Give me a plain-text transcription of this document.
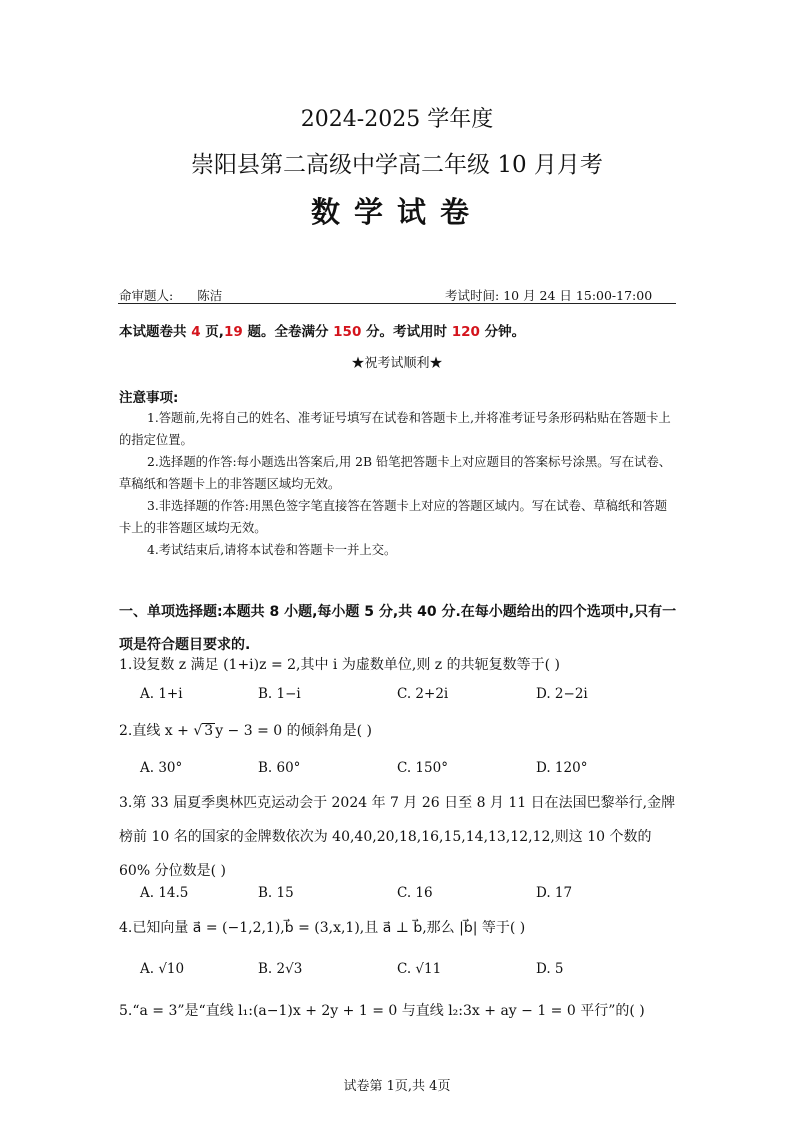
2024-2025 学年度
崇阳县第二高级中学高二年级 10 月月考
数学试卷
命审题人: 陈洁	考试时间: 10 月 24 日 15:00-17:00
本试题卷共 4 页,19 题。全卷满分 150 分。考试用时 120 分钟。
★祝考试顺利★
注意事项:
1.答题前,先将自己的姓名、准考证号填写在试卷和答题卡上,并将准考证号条形码粘贴在答题卡上的指定位置。
2.选择题的作答:每小题选出答案后,用 2B 铅笔把答题卡上对应题目的答案标号涂黑。写在试卷、草稿纸和答题卡上的非答题区域均无效。
3.非选择题的作答:用黑色签字笔直接答在答题卡上对应的答题区域内。写在试卷、草稿纸和答题卡上的非答题区域均无效。
4.考试结束后,请将本试卷和答题卡一并上交。
一、单项选择题:本题共 8 小题,每小题 5 分,共 40 分.在每小题给出的四个选项中,只有一项是符合题目要求的.
1.设复数 z 满足 (1+i)z = 2,其中 i 为虚数单位,则 z 的共轭复数等于( )
A. 1+i	B. 1−i	C. 2+2i	D. 2−2i
2.直线 x + √ 3 y − 3 = 0 的倾斜角是( )
A. 30°	B. 60°	C. 150°	D. 120°
3.第 33 届夏季奥林匹克运动会于 2024 年 7 月 26 日至 8 月 11 日在法国巴黎举行,金牌榜前 10 名的国家的金牌数依次为 40,40,20,18,16,15,14,13,12,12,则这 10 个数的 60% 分位数是( )
A. 14.5	B. 15	C. 16	D. 17
4.已知向量 a⃗ = (−1,2,1),b⃗ = (3,x,1),且 a⃗ ⊥ b⃗,那么 |b⃗| 等于( )
A. √10	B. 2√3	C. √11	D. 5
5.“a = 3”是“直线 l₁:(a−1)x + 2y + 1 = 0 与直线 l₂:3x + ay − 1 = 0 平行”的( )
试卷第 1页,共 4页
